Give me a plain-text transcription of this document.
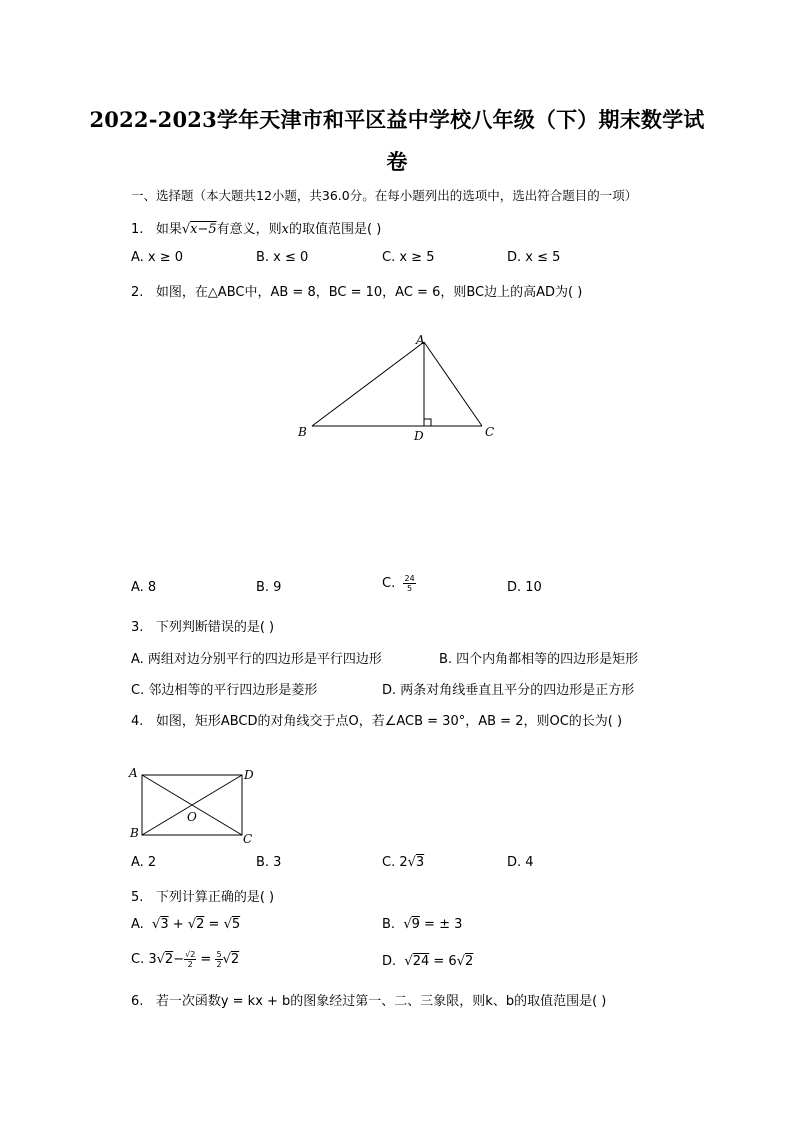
2022-2023学年天津市和平区益中学校八年级（下）期末数学试
卷
一、选择题（本大题共12小题，共36.0分。在每小题列出的选项中，选出符合题目的一项）
1. 如果√x−5有意义，则x的取值范围是( )
A. x ≥ 0	B. x ≤ 0	C. x ≥ 5	D. x ≤ 5
2. 如图，在△ABC中，AB = 8，BC = 10，AC = 6，则BC边上的高AD为( )
A
B	C
D
A. 8	B. 9	C. $\frac{24}{5}$	D. 10
3. 下列判断错误的是( )
A. 两组对边分别平行的四边形是平行四边形	B. 四个内角都相等的四边形是矩形
C. 邻边相等的平行四边形是菱形	D. 两条对角线垂直且平分的四边形是正方形
4. 如图，矩形ABCD的对角线交于点O，若∠ACB = 30°，AB = 2，则OC的长为( )
A	D
B	C
O
A. 2	B. 3	C. 2√3	D. 4
5. 下列计算正确的是( )
A.  √3 + √2 = √5	B.  √9 = ± 3
C. $3√2- \frac{√2}{2} = \frac{5}{2} √2$	D.  √24 = 6√2
6. 若一次函数y = kx + b的图象经过第一、二、三象限，则k、b的取值范围是( )
